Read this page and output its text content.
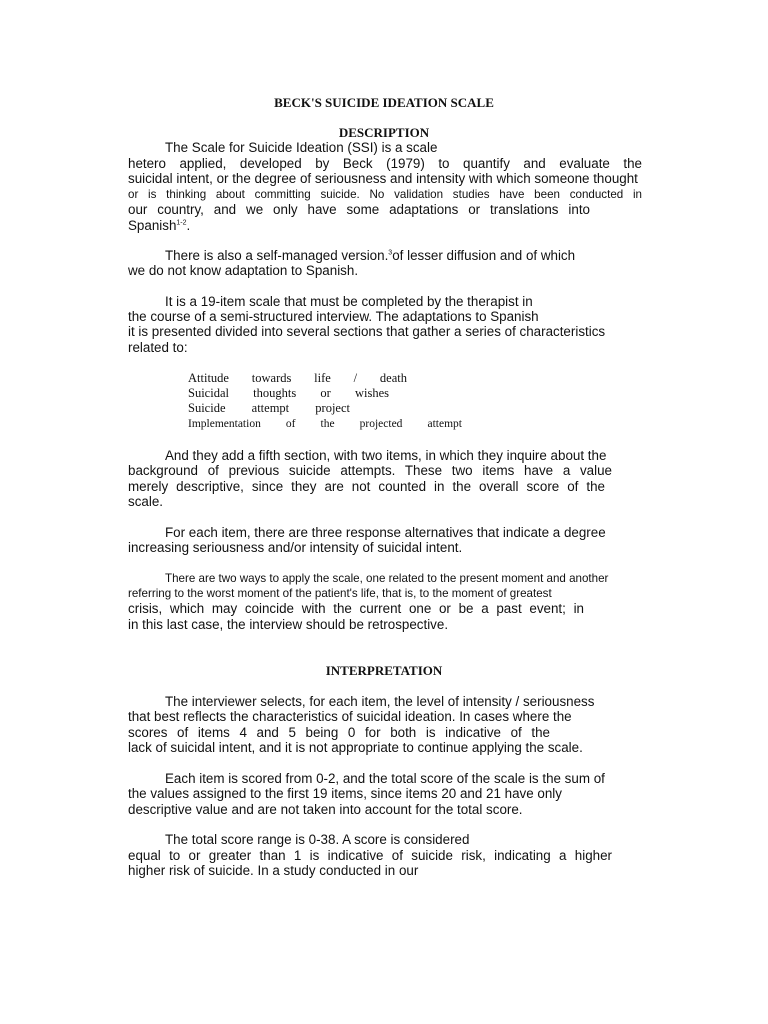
BECK'S SUICIDE IDEATION SCALE
DESCRIPTION
The Scale for Suicide Ideation (SSI) is a scale
hetero applied, developed by Beck (1979) to quantify and evaluate the
suicidal intent, or the degree of seriousness and intensity with which someone thought
or is thinking about committing suicide. No validation studies have been conducted in
our country, and we only have some adaptations or translations into
Spanish$^{1-2}$.
There is also a self-managed version.$^3$of lesser diffusion and of which
we do not know adaptation to Spanish.
It is a 19-item scale that must be completed by the therapist in
the course of a semi-structured interview. The adaptations to Spanish
it is presented divided into several sections that gather a series of characteristics
related to:
Attitude towards life / death
Suicidal thoughts or wishes
Suicide attempt project
Implementation of the projected attempt
And they add a fifth section, with two items, in which they inquire about the
background of previous suicide attempts. These two items have a value
merely descriptive, since they are not counted in the overall score of the
scale.
For each item, there are three response alternatives that indicate a degree
increasing seriousness and/or intensity of suicidal intent.
There are two ways to apply the scale, one related to the present moment and another
referring to the worst moment of the patient's life, that is, to the moment of greatest
crisis, which may coincide with the current one or be a past event; in
in this last case, the interview should be retrospective.
INTERPRETATION
The interviewer selects, for each item, the level of intensity / seriousness
that best reflects the characteristics of suicidal ideation. In cases where the
scores of items 4 and 5 being 0 for both is indicative of the
lack of suicidal intent, and it is not appropriate to continue applying the scale.
Each item is scored from 0-2, and the total score of the scale is the sum of
the values assigned to the first 19 items, since items 20 and 21 have only
descriptive value and are not taken into account for the total score.
The total score range is 0-38. A score is considered
equal to or greater than 1 is indicative of suicide risk, indicating a higher
higher risk of suicide. In a study conducted in our
